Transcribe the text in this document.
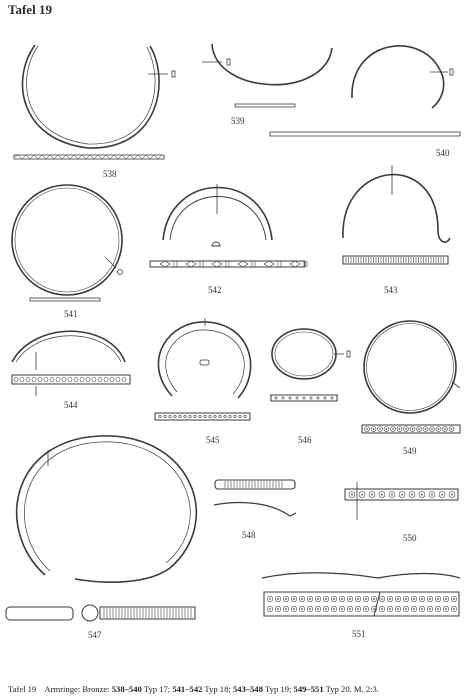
Tafel 19
538
539
540
541
542	543
544
545	546
547
548
549
550
551
Tafel 19 Armringe: Bronze: 538–540 Typ 17; 541–542 Typ 18; 543–548 Typ 19; 549–551 Typ 20. M. 2:3.
